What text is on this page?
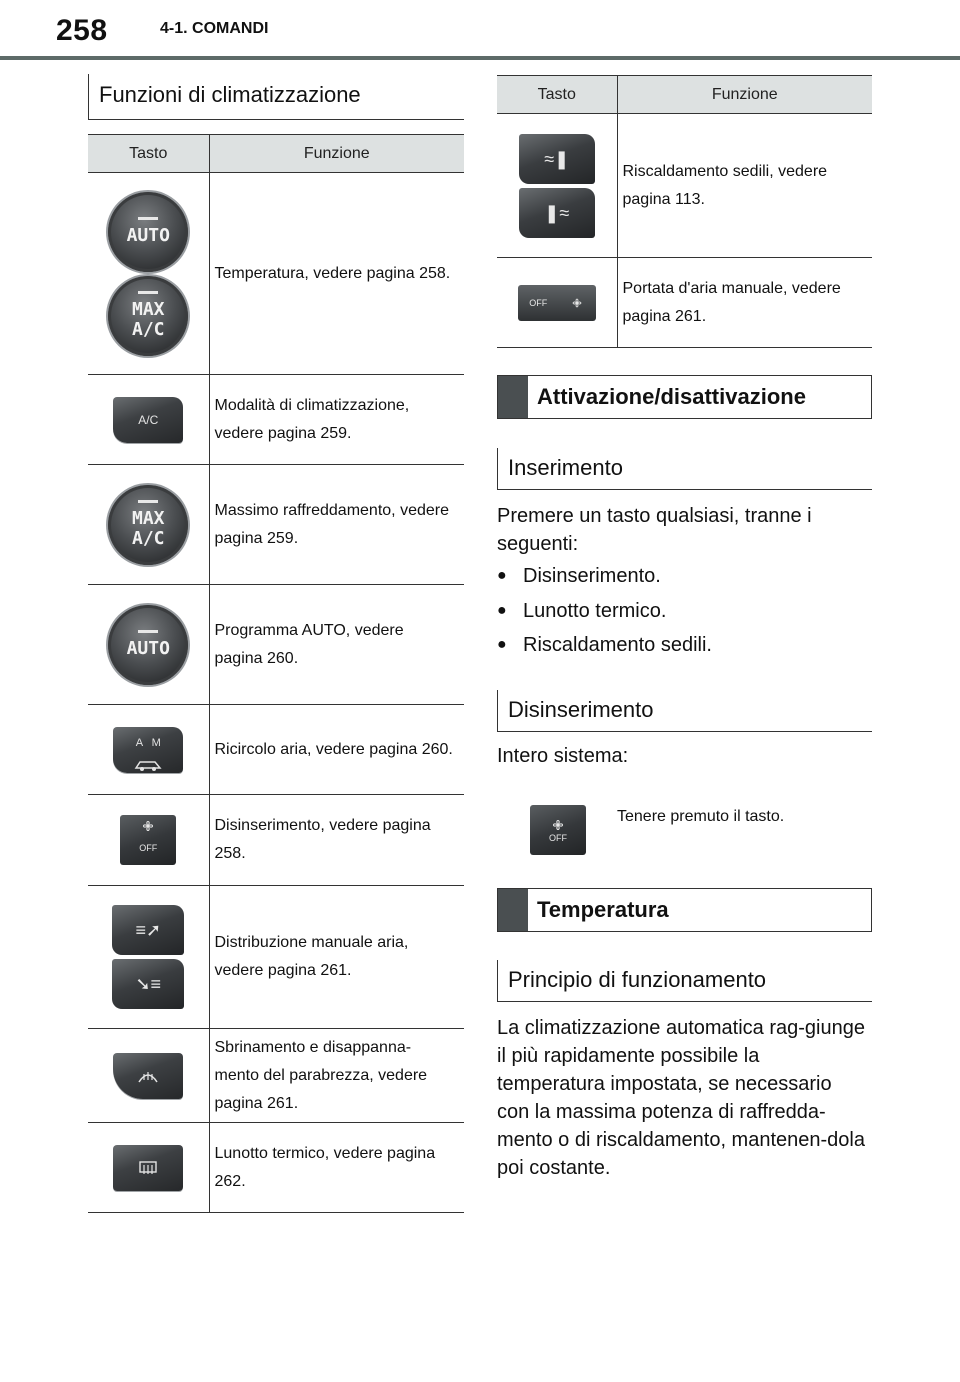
258	4-1. COMANDI
Funzioni di climatizzazione
Tasto	Funzione

AUTO
MAX
A/C	Temperatura, vedere pagina 258.
A/C	Modalità di climatizzazione, vedere pagina 259.

MAX
A/C	Massimo raffreddamento, vedere pagina 259.

AUTO	Programma AUTO, vedere pagina 260.

A   M	Ricircolo aria, vedere pagina 260.

OFF	Disinserimento, vedere pagina 258.

≡➚
➘≡	Distribuzione manuale aria, vedere pagina 261.

	Sbrinamento e disappanna-mento del parabrezza, vedere pagina 261.

	Lunotto termico, vedere pagina 262.
Tasto	Funzione

≈❚
❚≈	Riscaldamento sedili, vedere pagina 113.

OFF	Portata d'aria manuale, vedere pagina 261.
Attivazione/disattivazione
Inserimento
Premere un tasto qualsiasi, tranne i seguenti:
● Disinserimento.
● Lunotto termico.
● Riscaldamento sedili.
Disinserimento
Intero sistema:
OFF
Tenere premuto il tasto.
Temperatura
Principio di funzionamento
La climatizzazione automatica rag-giunge il più rapidamente possibile la temperatura impostata, se necessario con la massima potenza di raffredda-mento o di riscaldamento, mantenen-dola poi costante.
